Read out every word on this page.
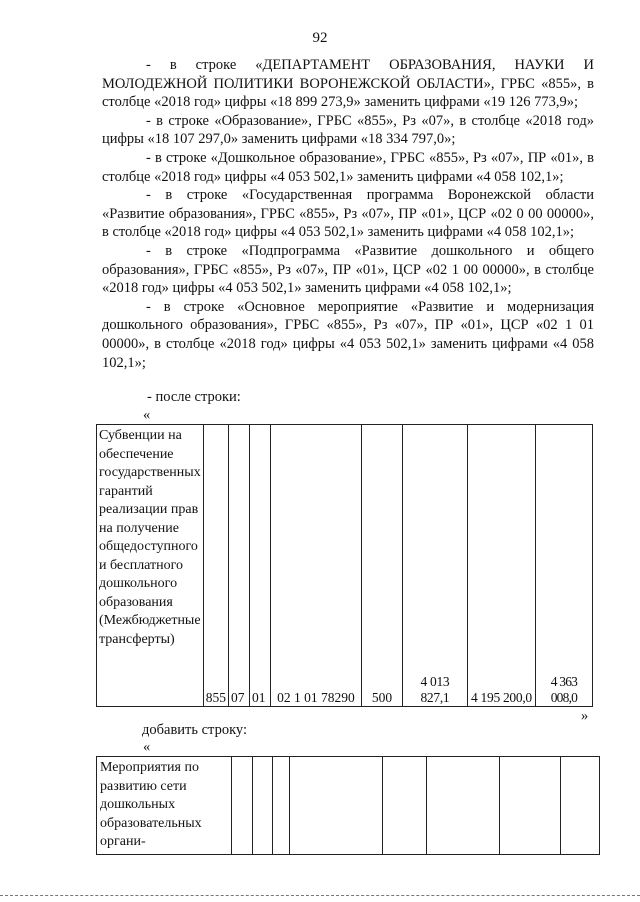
92

- в строке «ДЕПАРТАМЕНТ ОБРАЗОВАНИЯ, НАУКИ И МОЛОДЕЖНОЙ ПОЛИТИКИ ВОРОНЕЖСКОЙ ОБЛАСТИ», ГРБС «855», в столбце «2018 год» цифры «18 899 273,9» заменить цифрами «19 126 773,9»;

- в строке «Образование», ГРБС «855», Рз «07», в столбце «2018 год» цифры «18 107 297,0» заменить цифрами «18 334 797,0»;

- в строке «Дошкольное образование», ГРБС «855», Рз «07», ПР «01», в столбце «2018 год» цифры «4 053 502,1» заменить цифрами «4 058 102,1»;

- в строке «Государственная программа Воронежской области «Развитие образования», ГРБС «855», Рз «07», ПР «01», ЦСР «02 0 00 00000», в столбце «2018 год» цифры «4 053 502,1» заменить цифрами «4 058 102,1»;

- в строке «Подпрограмма «Развитие дошкольного и общего образования», ГРБС «855», Рз «07», ПР «01», ЦСР «02 1 00 00000», в столбце «2018 год» цифры «4 053 502,1» заменить цифрами «4 058 102,1»;

- в строке «Основное мероприятие «Развитие и модернизация дошкольного образования», ГРБС «855», Рз «07», ПР «01», ЦСР «02 1 01 00000», в столбце «2018 год» цифры «4 053 502,1» заменить цифрами «4 058 102,1»;

- после строки:
«
Субвенции на обеспечение государственных гарантий реализации прав на получение общедоступного и бесплатного дошкольного образования (Межбюджетные трансферты)	855	07	01	02 1 01 78290	500	4 013 827,1	4 195 200,0	4 363 008,0
»
добавить строку:
«
Мероприятия по развитию сети дошкольных образовательных органи-								
